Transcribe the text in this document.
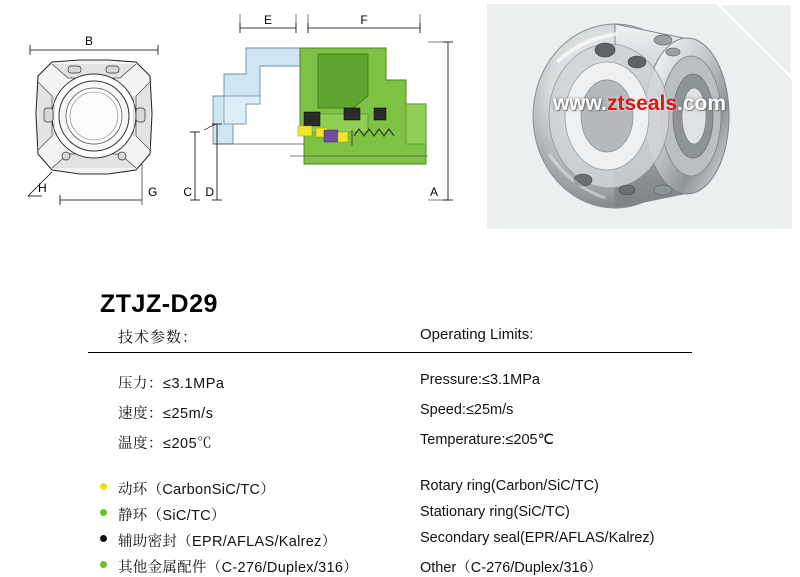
B
H	G
E	F
A
C D
www.ztseals.com
ZTJZ-D29
技术参数：	Operating Limits:
压力：≤3.1MPa	Pressure:≤3.1MPa
速度：≤25m/s	Speed:≤25m/s
温度：≤205℃	Temperature:≤205℃
动环（CarbonSiC/TC）	Rotary ring(Carbon/SiC/TC)
静环（SiC/TC）	Stationary ring(SiC/TC)
辅助密封（EPR/AFLAS/Kalrez）	Secondary seal(EPR/AFLAS/Kalrez)
其他金属配件（C-276/Duplex/316）	Other（C-276/Duplex/316）
